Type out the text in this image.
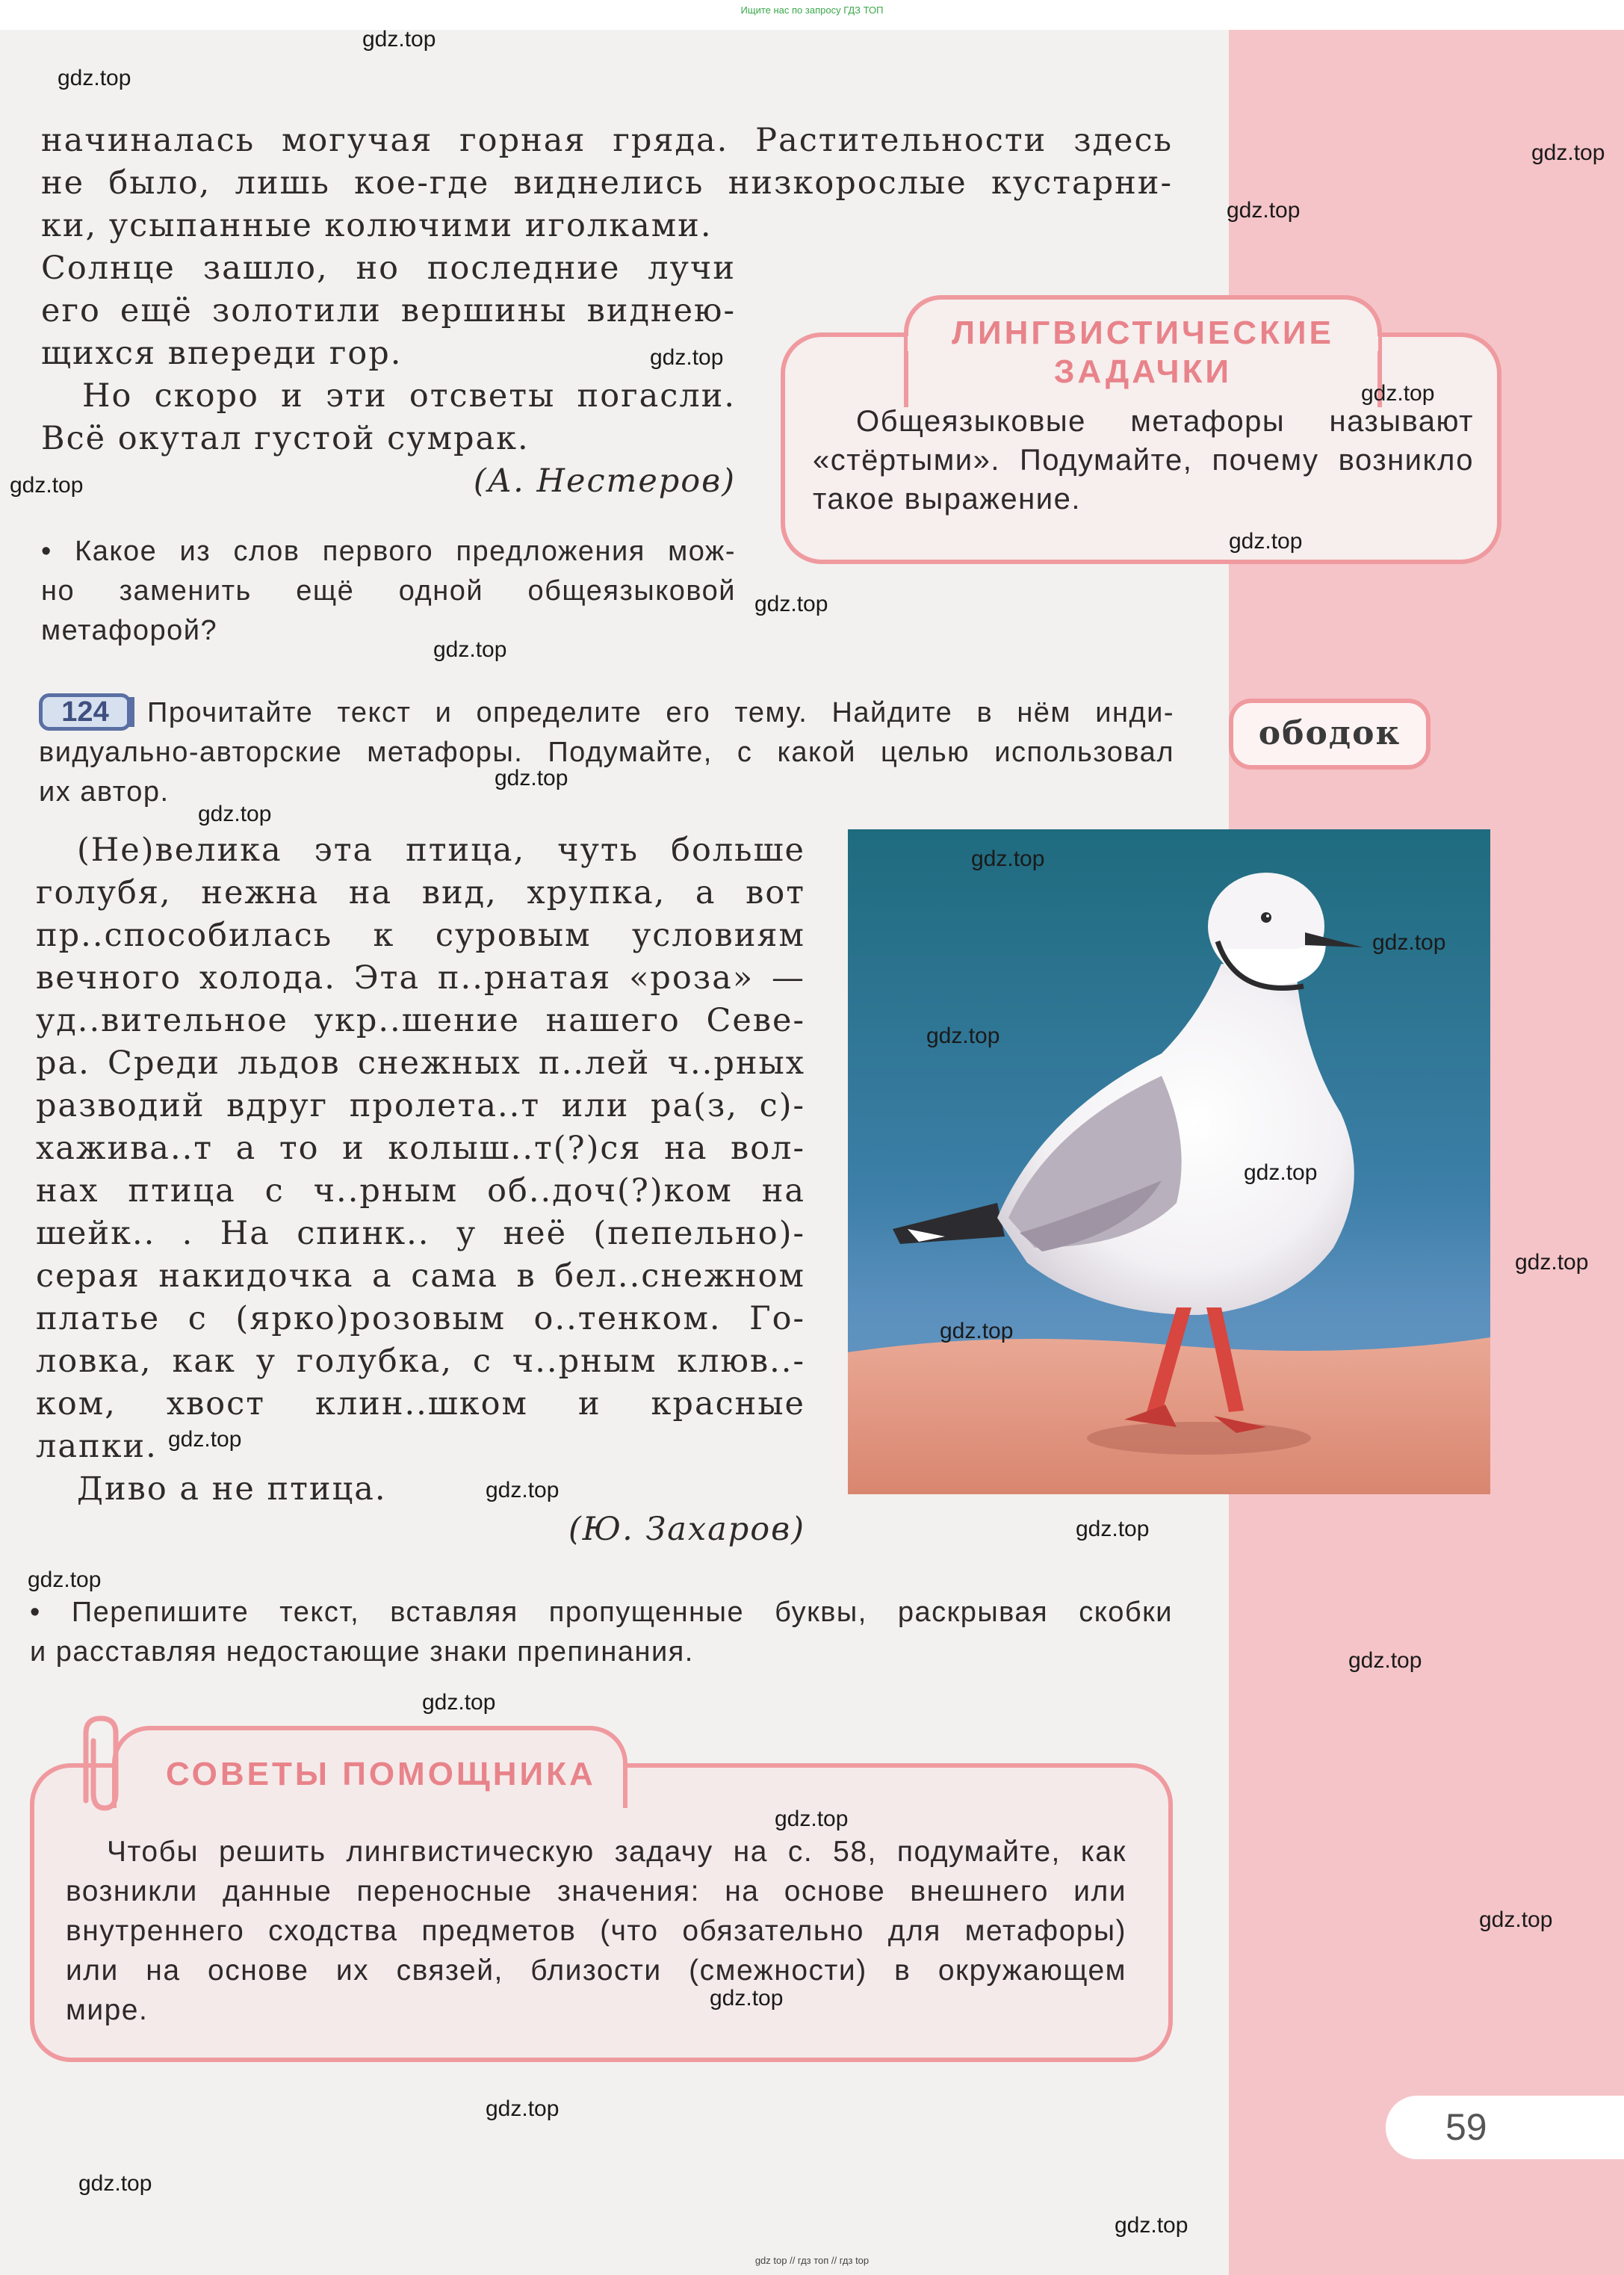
Ищите нас по запросу ГДЗ ТОП
gdz top // гдз топ // гдз top
начиналась могучая горная гряда. Растительности здесь
не было, лишь кое-где виднелись низкорослые кустарни-
ки, усыпанные колючими иголками.
Солнце зашло, но последние лучи
его ещё золотили вершины виднею-
щихся впереди гор.
Но скоро и эти отсветы погасли.
Всё окутал густой сумрак.
(А. Нестеров)
• Какое из слов первого предложения мож-
но заменить ещё одной общеязыковой
метафорой?
ЛИНГВИСТИЧЕСКИЕ
ЗАДАЧКИ
Общеязыковые метафоры называют
«стёртыми». Подумайте, почему возникло
такое выражение.
124	Прочитайте текст и определите его тему. Найдите в нём инди-
видуально-авторские метафоры. Подумайте, с какой целью использовал
их автор.
ободок
(Не)велика эта птица, чуть больше
голубя, нежна на вид, хрупка, а вот
пр..способилась к суровым условиям
вечного холода. Эта п..рнатая «роза» —
уд..вительное укр..шение нашего Севе-
ра. Среди льдов снежных п..лей ч..рных
разводий вдруг пролета..т или ра(з, с)-
хажива..т а то и колыш..т(?)ся на вол-
нах птица с ч..рным об..доч(?)ком на
шейк.. . На спинк.. у неё (пепельно)-
серая накидочка а сама в бел..снежном
платье с (ярко)розовым о..тенком. Го-
ловка, как у голубка, с ч..рным клюв..-
ком, хвост клин..шком и красные
лапки.
Диво а не птица.
(Ю. Захаров)
• Перепишите текст, вставляя пропущенные буквы, раскрывая скобки
и расставляя недостающие знаки препинания.
СОВЕТЫ ПОМОЩНИКА
Чтобы решить лингвистическую задачу на с. 58, подумайте, как
возникли данные переносные значения: на основе внешнего или
внутреннего сходства предметов (что обязательно для метафоры)
или на основе их связей, близости (смежности) в окружающем
мире.
59
gdz.top
gdz.top
gdz.top
gdz.top
gdz.top
gdz.top
gdz.top
gdz.top
gdz.top
gdz.top
gdz.top
gdz.top
gdz.top
gdz.top
gdz.top
gdz.top
gdz.top
gdz.top
gdz.top
gdz.top
gdz.top
gdz.top
gdz.top
gdz.top
gdz.top
gdz.top
gdz.top
gdz.top
gdz.top
gdz.top
